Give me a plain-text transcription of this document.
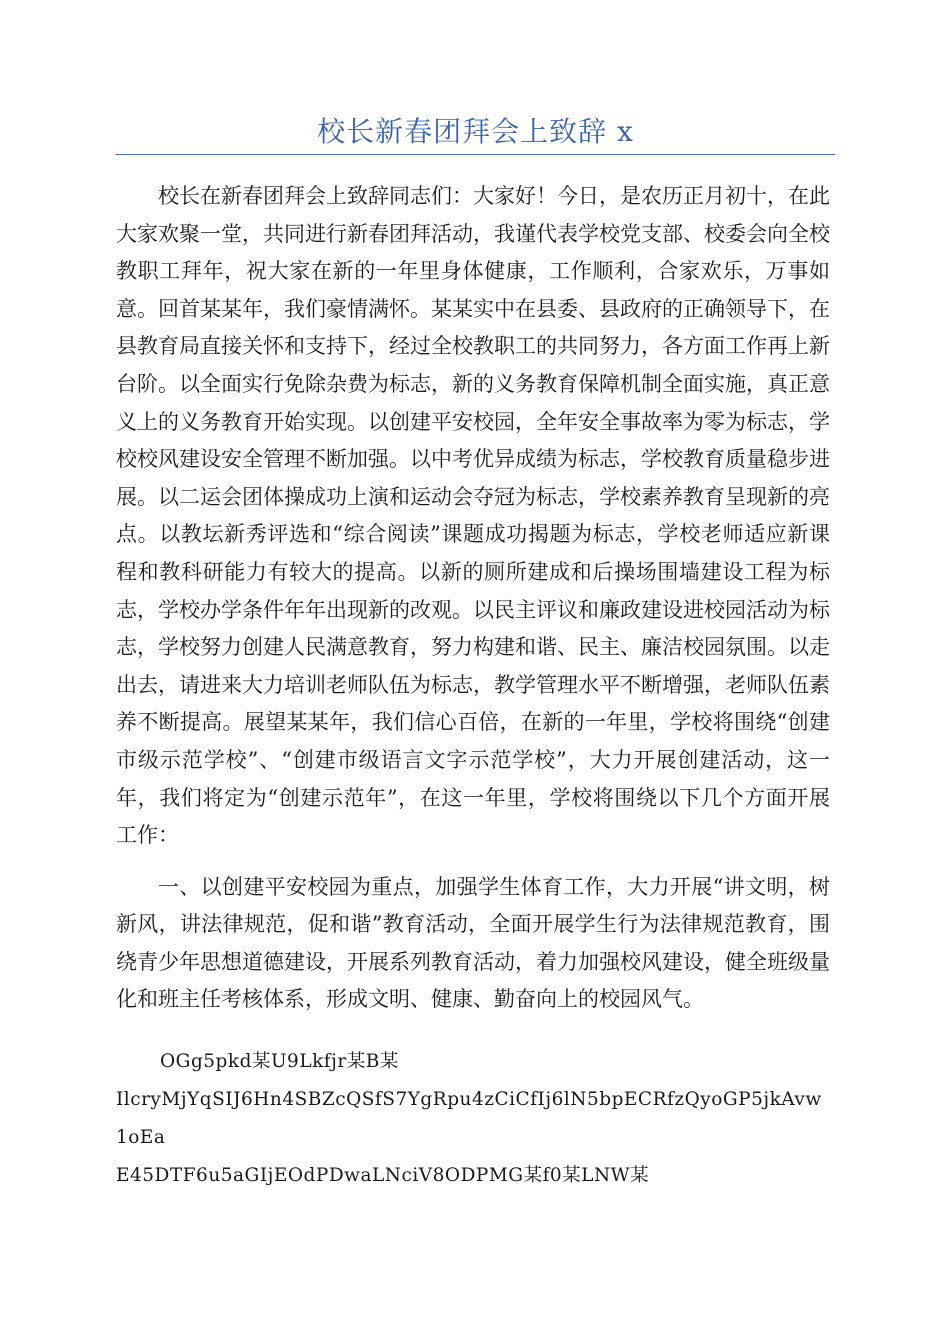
校长新春团拜会上致辞 x

校长在新春团拜会上致辞同志们：大家好！今日，是农历正月初十，在此大家欢聚一堂，共同进行新春团拜活动，我谨代表学校党支部、校委会向全校教职工拜年，祝大家在新的一年里身体健康，工作顺利，合家欢乐，万事如意。回首某某年，我们豪情满怀。某某实中在县委、县政府的正确领导下，在县教育局直接关怀和支持下，经过全校教职工的共同努力，各方面工作再上新台阶。以全面实行免除杂费为标志，新的义务教育保障机制全面实施，真正意义上的义务教育开始实现。以创建平安校园，全年安全事故率为零为标志，学校校风建设安全管理不断加强。以中考优异成绩为标志，学校教育质量稳步进展。以二运会团体操成功上演和运动会夺冠为标志，学校素养教育呈现新的亮点。以教坛新秀评选和“综合阅读”课题成功揭题为标志，学校老师适应新课程和教科研能力有较大的提高。以新的厕所建成和后操场围墙建设工程为标志，学校办学条件年年出现新的改观。以民主评议和廉政建设进校园活动为标志，学校努力创建人民满意教育，努力构建和谐、民主、廉洁校园氛围。以走出去，请进来大力培训老师队伍为标志，教学管理水平不断增强，老师队伍素养不断提高。展望某某年，我们信心百倍，在新的一年里，学校将围绕“创建市级示范学校”、“创建市级语言文字示范学校”，大力开展创建活动，这一年，我们将定为“创建示范年”，在这一年里，学校将围绕以下几个方面开展工作：

一、以创建平安校园为重点，加强学生体育工作，大力开展“讲文明，树新风，讲法律规范，促和谐”教育活动，全面开展学生行为法律规范教育，围绕青少年思想道德建设，开展系列教育活动，着力加强校风建设，健全班级量化和班主任考核体系，形成文明、健康、勤奋向上的校园风气。

OGg5pkd某U9Lkfjr某B某
IlcryMjYqSIJ6Hn4SBZcQSfS7YgRpu4zCiCfIj6lN5bpECRfzQyoGP5jkAvw1oEa
E45DTF6u5aGIjEOdPDwaLNciV8ODPMG某f0某LNW某
